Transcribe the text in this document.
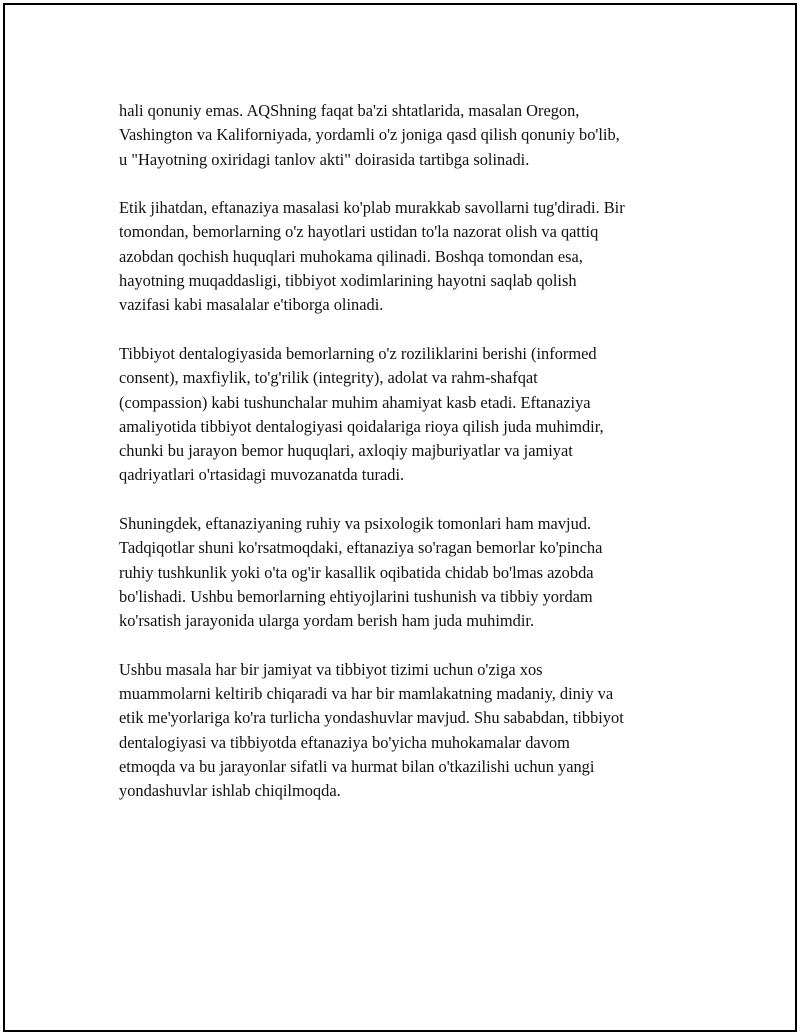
hali qonuniy emas. AQShning faqat ba'zi shtatlarida, masalan Oregon,
Vashington va Kaliforniyada, yordamli o'z joniga qasd qilish qonuniy bo'lib,
u "Hayotning oxiridagi tanlov akti" doirasida tartibga solinadi.

Etik jihatdan, eftanaziya masalasi ko'plab murakkab savollarni tug'diradi. Bir
tomondan, bemorlarning o'z hayotlari ustidan to'la nazorat olish va qattiq
azobdan qochish huquqlari muhokama qilinadi. Boshqa tomondan esa,
hayotning muqaddasligi, tibbiyot xodimlarining hayotni saqlab qolish
vazifasi kabi masalalar e'tiborga olinadi.

Tibbiyot dentalogiyasida bemorlarning o'z roziliklarini berishi (informed
consent), maxfiylik, to'g'rilik (integrity), adolat va rahm-shafqat
(compassion) kabi tushunchalar muhim ahamiyat kasb etadi. Eftanaziya
amaliyotida tibbiyot dentalogiyasi qoidalariga rioya qilish juda muhimdir,
chunki bu jarayon bemor huquqlari, axloqiy majburiyatlar va jamiyat
qadriyatlari o'rtasidagi muvozanatda turadi.

Shuningdek, eftanaziyaning ruhiy va psixologik tomonlari ham mavjud.
Tadqiqotlar shuni ko'rsatmoqdaki, eftanaziya so'ragan bemorlar ko'pincha
ruhiy tushkunlik yoki o'ta og'ir kasallik oqibatida chidab bo'lmas azobda
bo'lishadi. Ushbu bemorlarning ehtiyojlarini tushunish va tibbiy yordam
ko'rsatish jarayonida ularga yordam berish ham juda muhimdir.

Ushbu masala har bir jamiyat va tibbiyot tizimi uchun o'ziga xos
muammolarni keltirib chiqaradi va har bir mamlakatning madaniy, diniy va
etik me'yorlariga ko'ra turlicha yondashuvlar mavjud. Shu sababdan, tibbiyot
dentalogiyasi va tibbiyotda eftanaziya bo'yicha muhokamalar davom
etmoqda va bu jarayonlar sifatli va hurmat bilan o'tkazilishi uchun yangi
yondashuvlar ishlab chiqilmoqda.
